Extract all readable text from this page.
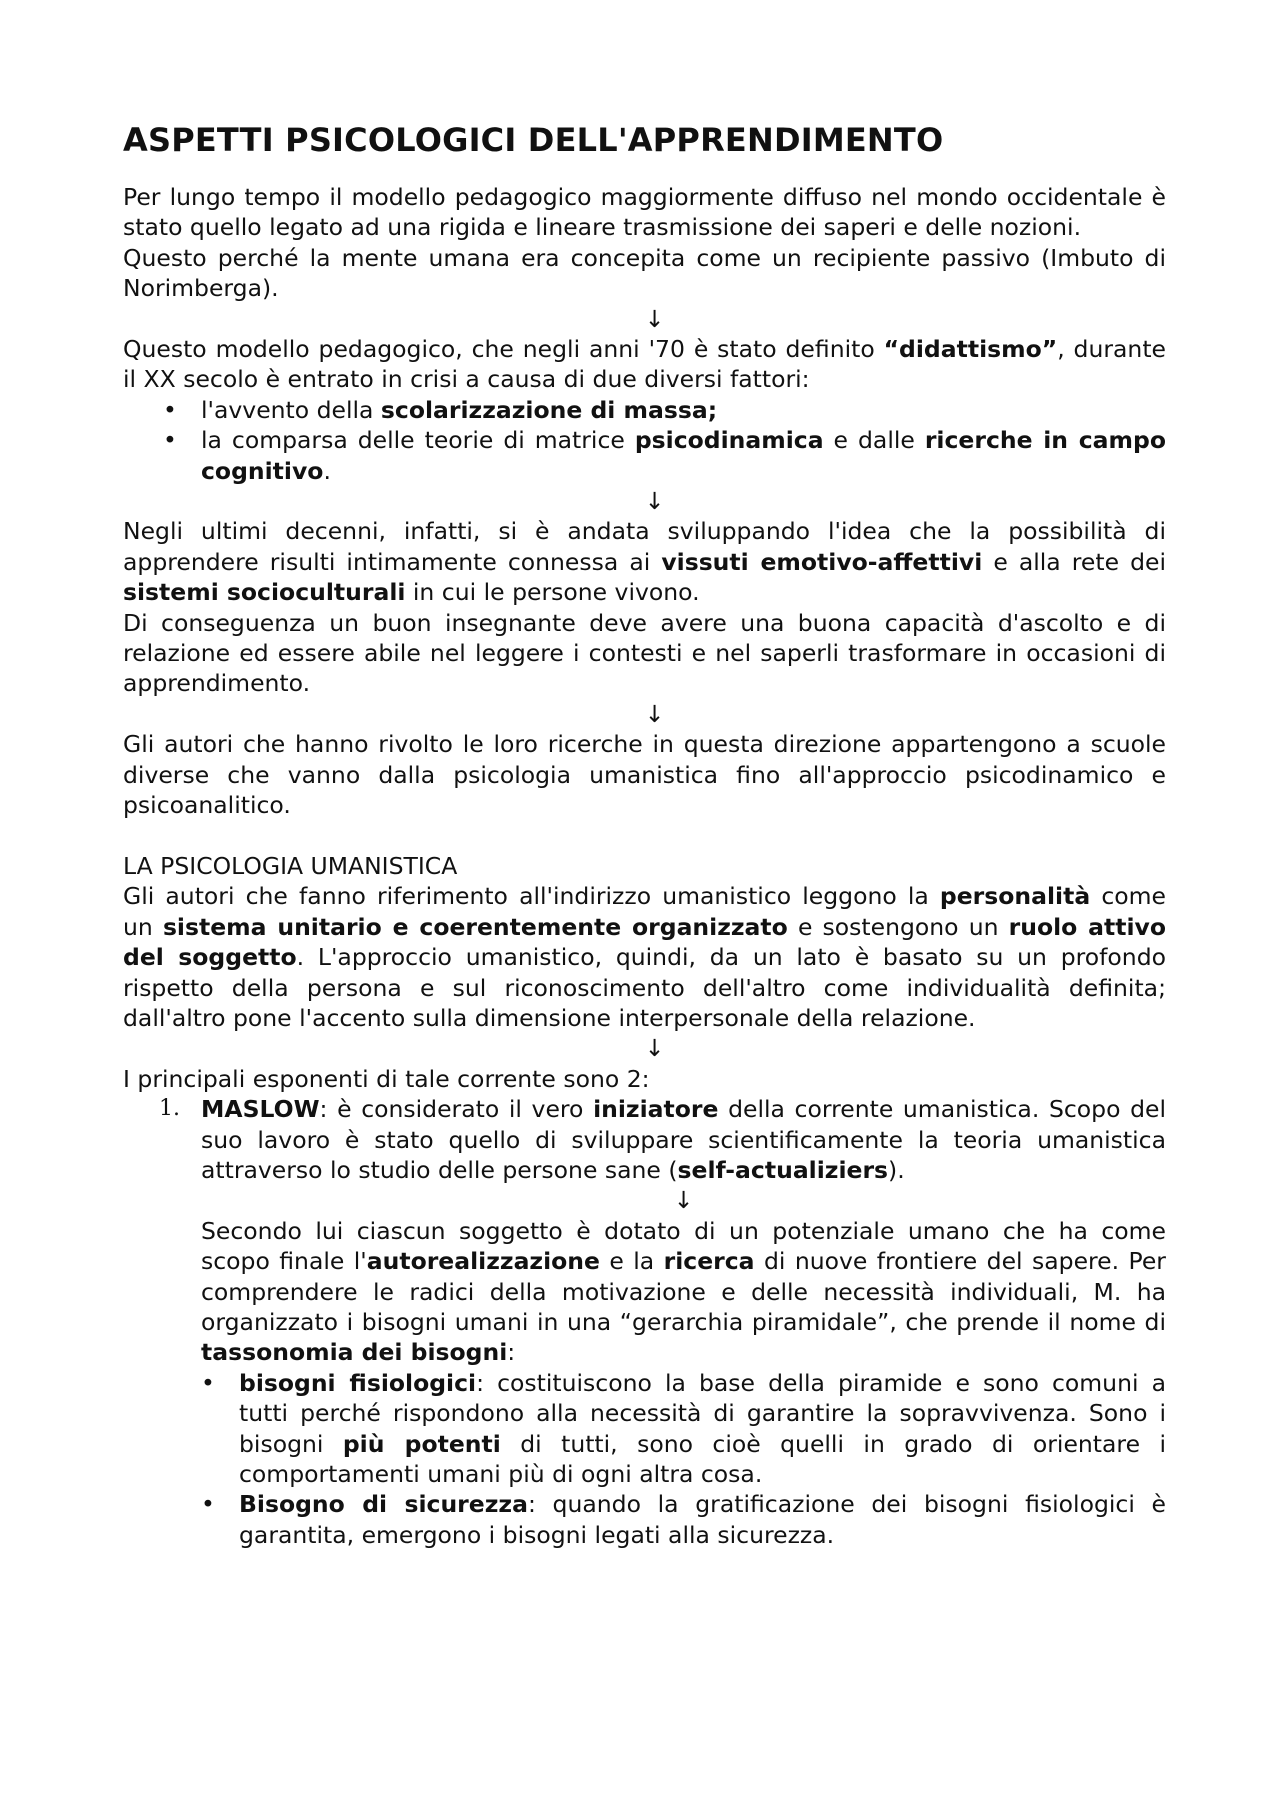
ASPETTI PSICOLOGICI DELL'APPRENDIMENTO

Per lungo tempo il modello pedagogico maggiormente diffuso nel mondo occidentale è stato quello legato ad una rigida e lineare trasmissione dei saperi e delle nozioni.

Questo perché la mente umana era concepita come un recipiente passivo (Imbuto di Norimberga).

↓

Questo modello pedagogico, che negli anni '70 è stato definito “didattismo”, durante il XX secolo è entrato in crisi a causa di due diversi fattori:

• l'avvento della scolarizzazione di massa;
• la comparsa delle teorie di matrice psicodinamica e dalle ricerche in campo cognitivo.
↓

Negli ultimi decenni, infatti, si è andata sviluppando l'idea che la possibilità di apprendere risulti intimamente connessa ai vissuti emotivo-affettivi e alla rete dei sistemi socioculturali in cui le persone vivono.

Di conseguenza un buon insegnante deve avere una buona capacità d'ascolto e di relazione ed essere abile nel leggere i contesti e nel saperli trasformare in occasioni di apprendimento.

↓

Gli autori che hanno rivolto le loro ricerche in questa direzione appartengono a scuole diverse che vanno dalla psicologia umanistica fino all'approccio psicodinamico e psicoanalitico.

LA PSICOLOGIA UMANISTICA

Gli autori che fanno riferimento all'indirizzo umanistico leggono la personalità come un sistema unitario e coerentemente organizzato e sostengono un ruolo attivo del soggetto. L'approccio umanistico, quindi, da un lato è basato su un profondo rispetto della persona e sul riconoscimento dell'altro come individualità definita; dall'altro pone l'accento sulla dimensione interpersonale della relazione.

↓

I principali esponenti di tale corrente sono 2:

1. MASLOW: è considerato il vero iniziatore della corrente umanistica. Scopo del suo lavoro è stato quello di sviluppare scientificamente la teoria umanistica attraverso lo studio delle persone sane (self-actualiziers).

↓

Secondo lui ciascun soggetto è dotato di un potenziale umano che ha come scopo finale l'autorealizzazione e la ricerca di nuove frontiere del sapere. Per comprendere le radici della motivazione e delle necessità individuali, M. ha organizzato i bisogni umani in una “gerarchia piramidale”, che prende il nome di tassonomia dei bisogni:

• bisogni fisiologici: costituiscono la base della piramide e sono comuni a tutti perché rispondono alla necessità di garantire la sopravvivenza. Sono i bisogni più potenti di tutti, sono cioè quelli in grado di orientare i comportamenti umani più di ogni altra cosa.
• Bisogno di sicurezza: quando la gratificazione dei bisogni fisiologici è garantita, emergono i bisogni legati alla sicurezza.
